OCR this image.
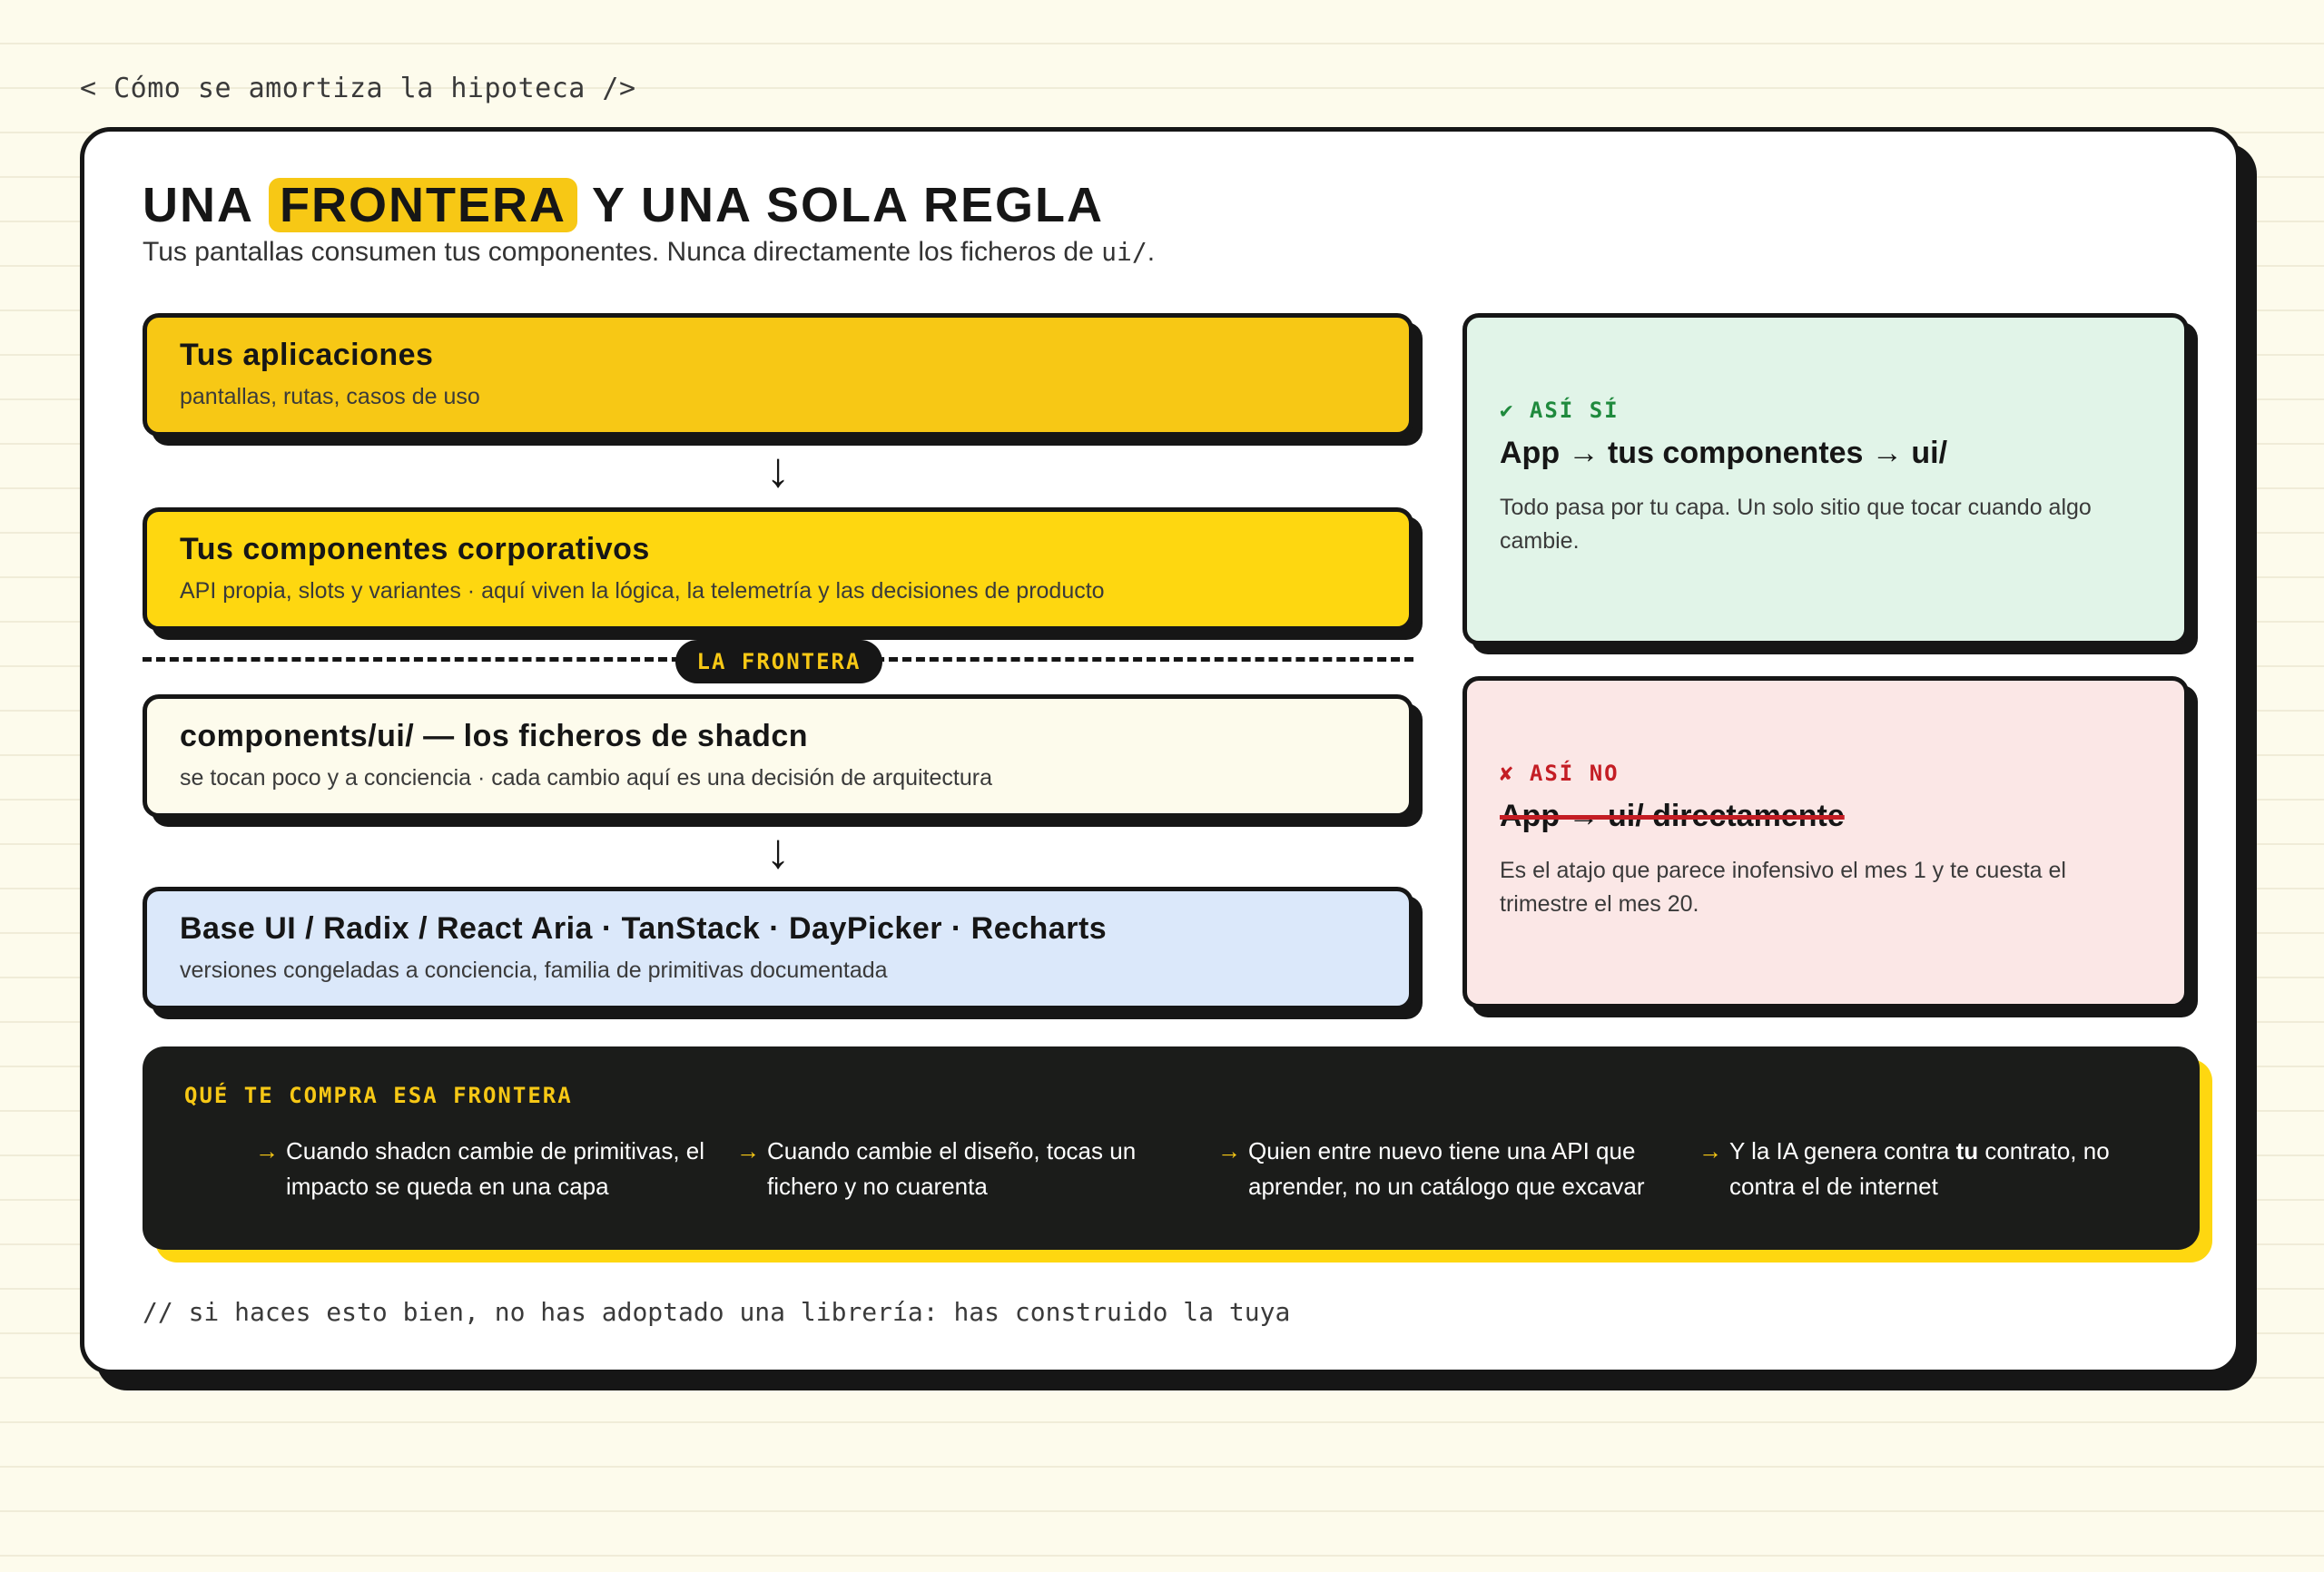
< Cómo se amortiza la hipoteca />
UNA FRONTERA Y UNA SOLA REGLA
Tus pantallas consumen tus componentes. Nunca directamente los ficheros de ui/.
Tus aplicaciones
pantallas, rutas, casos de uso
↓
Tus componentes corporativos
API propia, slots y variantes · aquí viven la lógica, la telemetría y las decisiones de producto
LA FRONTERA
components/ui/ — los ficheros de shadcn
se tocan poco y a conciencia · cada cambio aquí es una decisión de arquitectura
↓
Base UI / Radix / React Aria · TanStack · DayPicker · Recharts
versiones congeladas a conciencia, familia de primitivas documentada
✔ ASÍ SÍ
App → tus componentes → ui/
Todo pasa por tu capa. Un solo sitio que tocar cuando algo cambie.
✘ ASÍ NO
App → ui/ directamente
Es el atajo que parece inofensivo el mes 1 y te cuesta el trimestre el mes 20.
QUÉ TE COMPRA ESA FRONTERA
→ Cuando shadcn cambie de primitivas, el impacto se queda en una capa
→ Cuando cambie el diseño, tocas un fichero y no cuarenta
→ Quien entre nuevo tiene una API que aprender, no un catálogo que excavar
→ Y la IA genera contra tu contrato, no contra el de internet
// si haces esto bien, no has adoptado una librería: has construido la tuya
